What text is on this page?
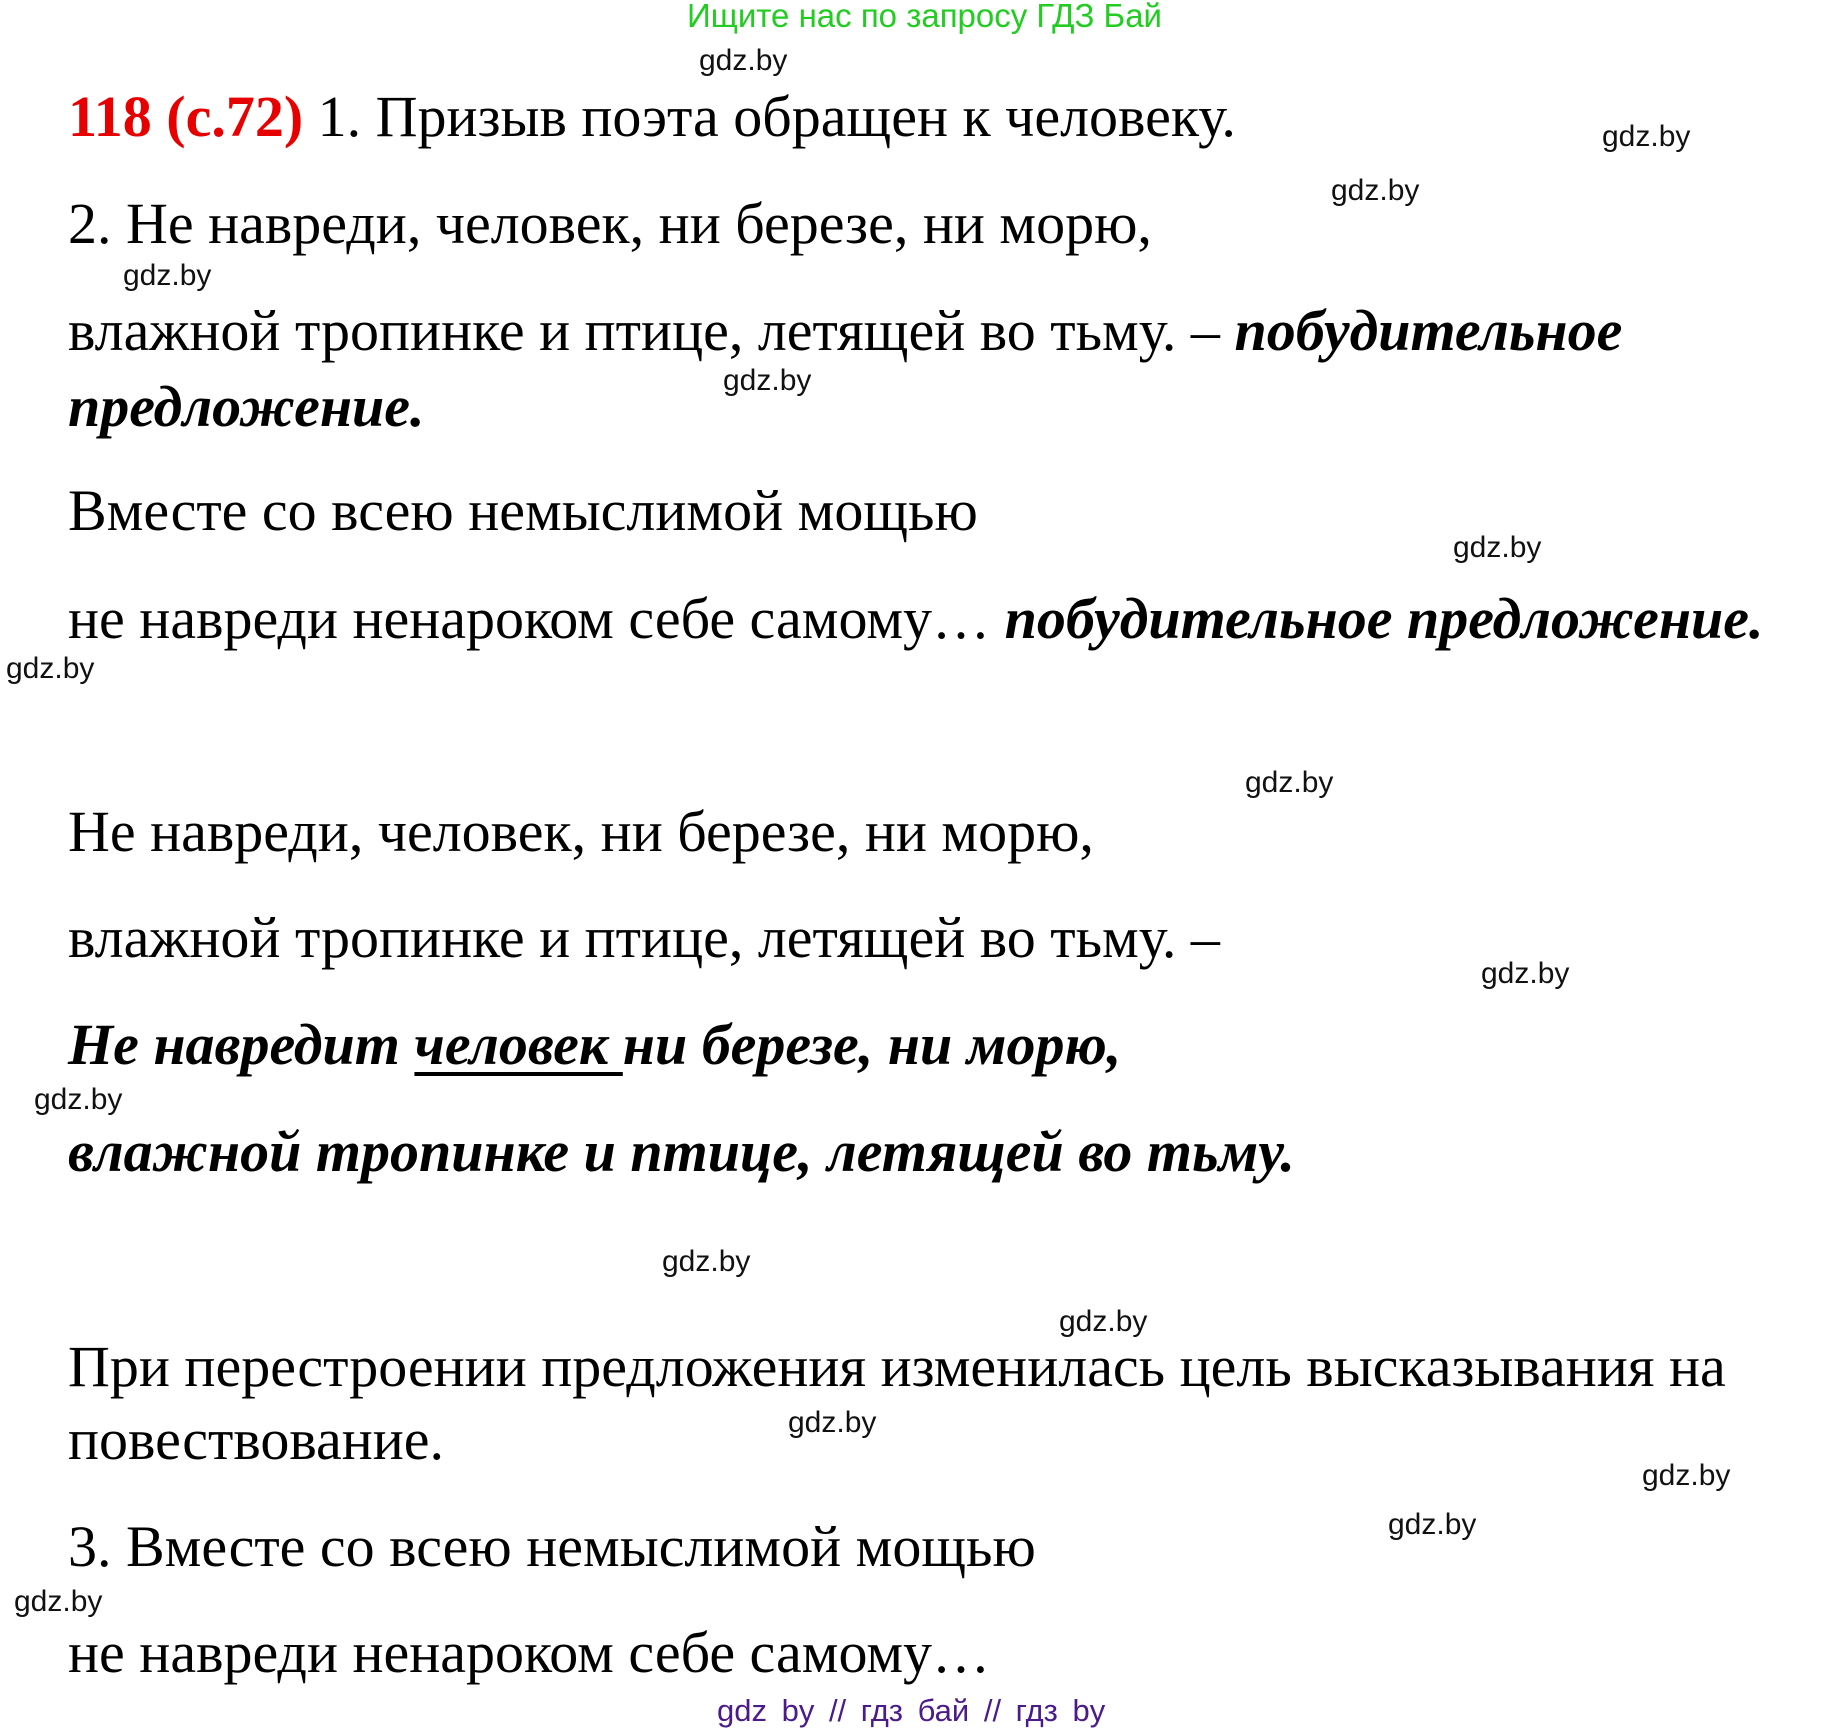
Ищите нас по запросу ГДЗ Бай
gdz.by
gdz.by
gdz.by
gdz.by
gdz.by
gdz.by
gdz.by
gdz.by
gdz.by
gdz.by
gdz.by
gdz.by
gdz.by
gdz.by
gdz.by
gdz.by
118 (с.72) 1. Призыв поэта обращен к человеку.
2. Не навреди, человек, ни березе, ни морю,
влажной тропинке и птице, летящей во тьму. – побудительное
предложение.
Вместе со всею немыслимой мощью
не навреди ненароком себе самому… побудительное предложение.
Не навреди, человек, ни березе, ни морю,
влажной тропинке и птице, летящей во тьму. –
Не навредит человек ни березе, ни морю,
влажной тропинке и птице, летящей во тьму.
При перестроении предложения изменилась цель высказывания на
повествование.
3. Вместе со всею немыслимой мощью
не навреди ненароком себе самому…
gdz by // гдз бай // гдз by
